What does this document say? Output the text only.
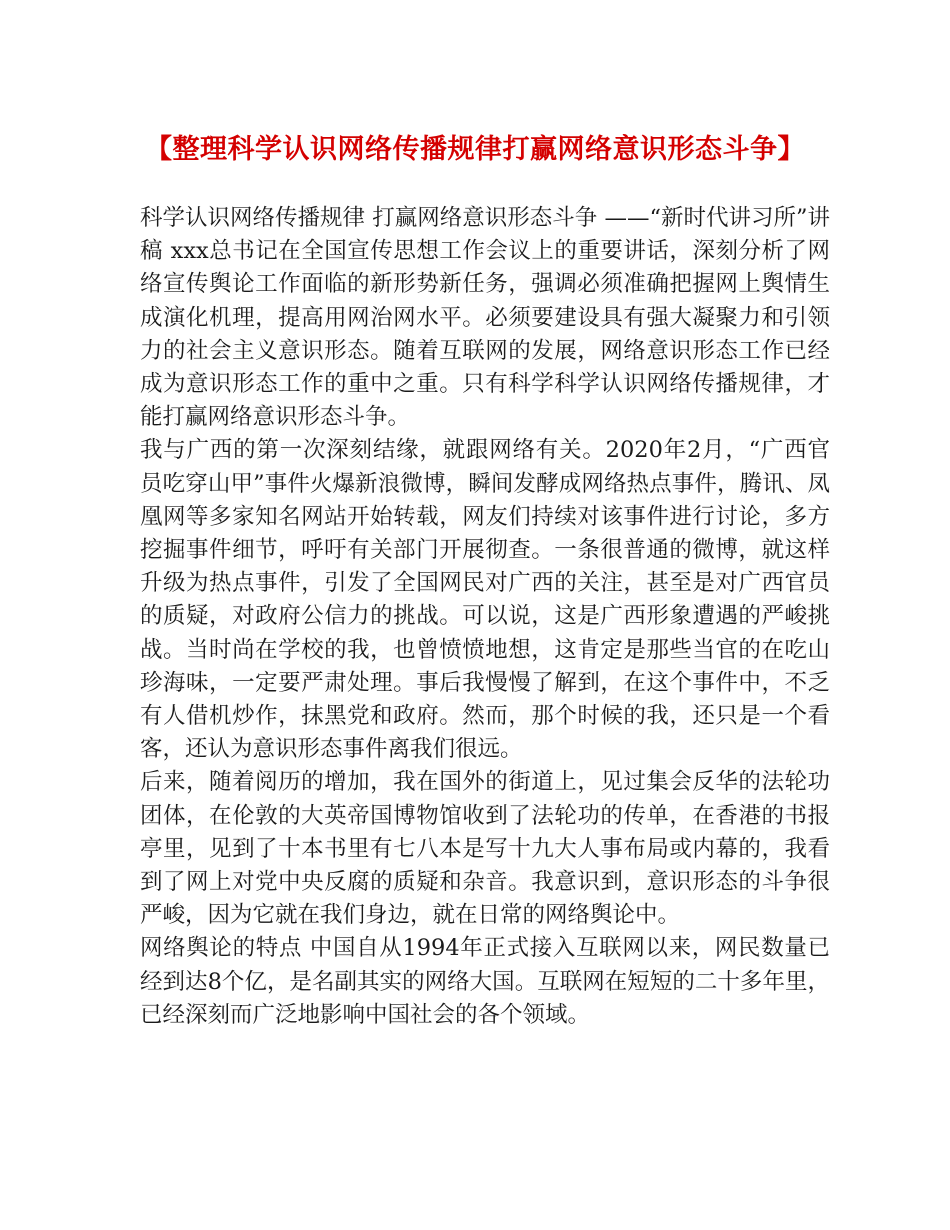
【整理科学认识网络传播规律打赢网络意识形态斗争】

科学认识网络传播规律 打赢网络意识形态斗争 ——“新时代讲习所”讲稿 xxx总书记在全国宣传思想工作会议上的重要讲话，深刻分析了网络宣传舆论工作面临的新形势新任务，强调必须准确把握网上舆情生成演化机理，提高用网治网水平。必须要建设具有强大凝聚力和引领力的社会主义意识形态。随着互联网的发展，网络意识形态工作已经成为意识形态工作的重中之重。只有科学科学认识网络传播规律，才能打赢网络意识形态斗争。

我与广西的第一次深刻结缘，就跟网络有关。2020年2月，“广西官员吃穿山甲”事件火爆新浪微博，瞬间发酵成网络热点事件，腾讯、凤凰网等多家知名网站开始转载，网友们持续对该事件进行讨论，多方挖掘事件细节，呼吁有关部门开展彻查。一条很普通的微博，就这样升级为热点事件，引发了全国网民对广西的关注，甚至是对广西官员的质疑，对政府公信力的挑战。可以说，这是广西形象遭遇的严峻挑战。当时尚在学校的我，也曾愤愤地想，这肯定是那些当官的在吃山珍海味，一定要严肃处理。事后我慢慢了解到，在这个事件中，不乏有人借机炒作，抹黑党和政府。然而，那个时候的我，还只是一个看客，还认为意识形态事件离我们很远。

后来，随着阅历的增加，我在国外的街道上，见过集会反华的法轮功团体，在伦敦的大英帝国博物馆收到了法轮功的传单，在香港的书报亭里，见到了十本书里有七八本是写十九大人事布局或内幕的，我看到了网上对党中央反腐的质疑和杂音。我意识到，意识形态的斗争很严峻，因为它就在我们身边，就在日常的网络舆论中。

网络舆论的特点 中国自从1994年正式接入互联网以来，网民数量已经到达8个亿，是名副其实的网络大国。互联网在短短的二十多年里，已经深刻而广泛地影响中国社会的各个领域。
